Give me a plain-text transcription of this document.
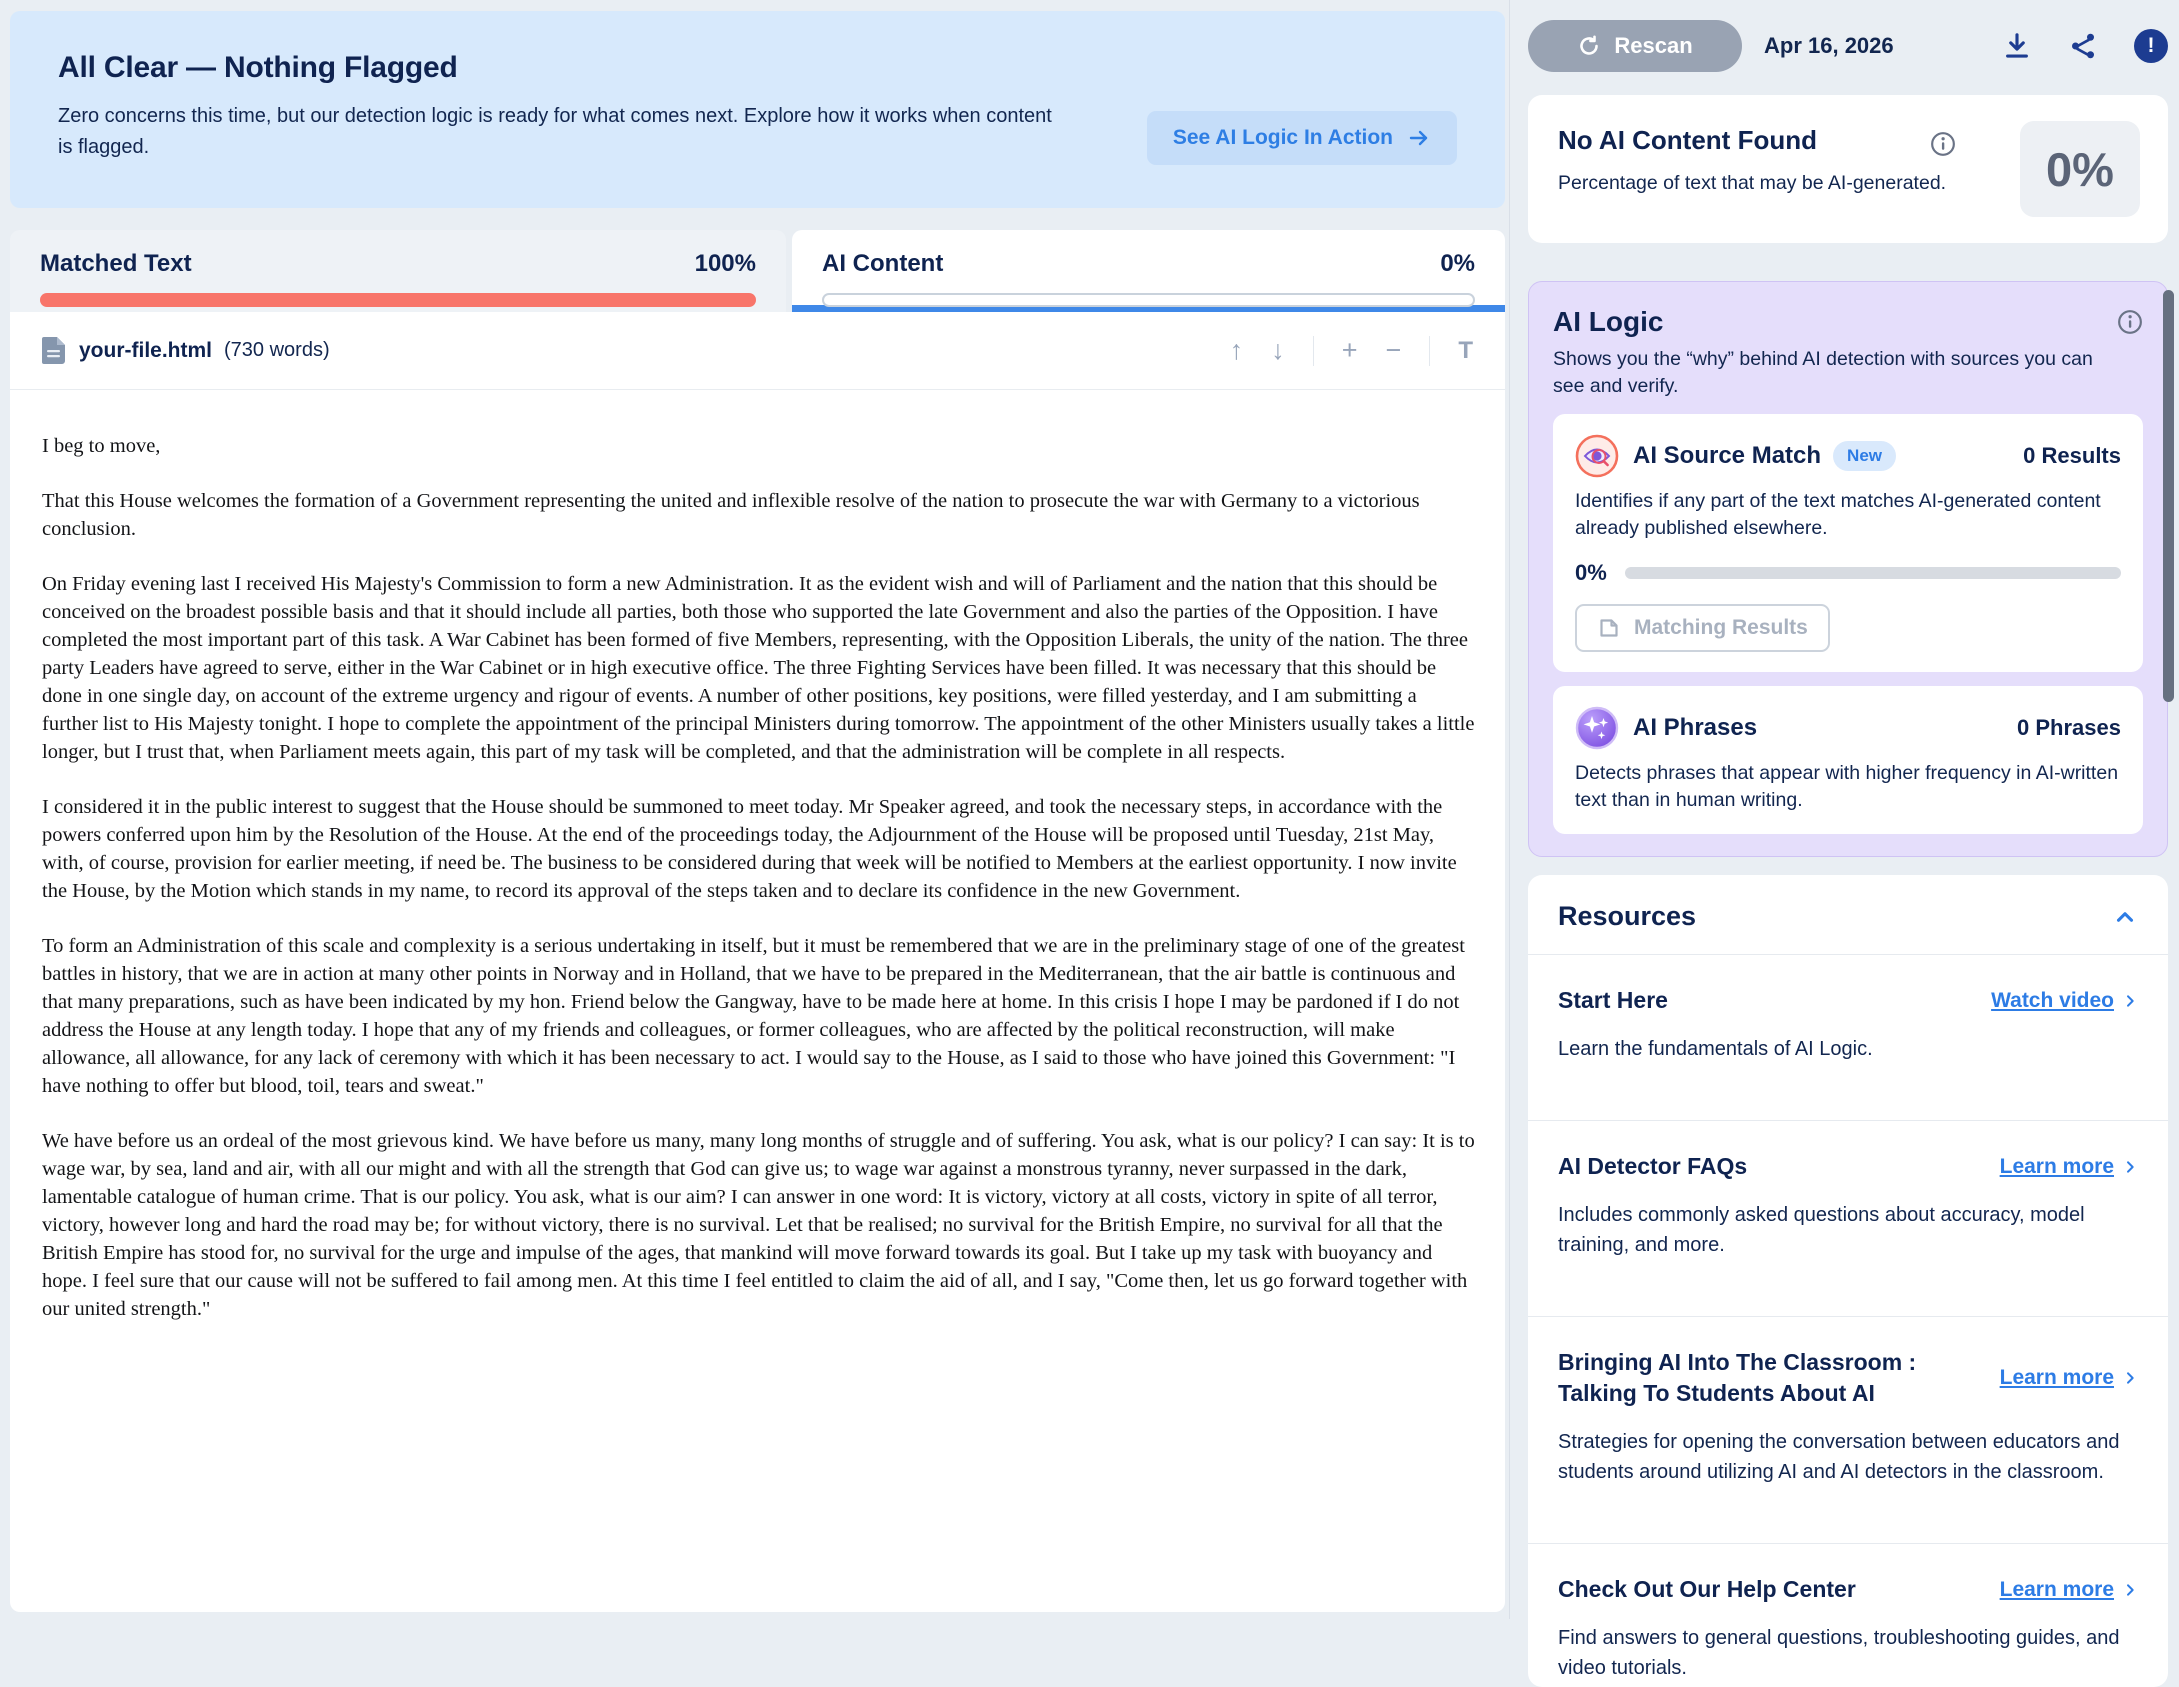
All Clear — Nothing Flagged
Zero concerns this time, but our detection logic is ready for what comes next. Explore how it works when content is flagged.	See AI Logic In Action
Matched Text	100%	AI Content	0%
your-file.html (730 words)	↑ ↓ + − T

I beg to move,

That this House welcomes the formation of a Government representing the united and inflexible resolve of the nation to prosecute the war with Germany to a victorious conclusion.

On Friday evening last I received His Majesty's Commission to form a new Administration. It as the evident wish and will of Parliament and the nation that this should be conceived on the broadest possible basis and that it should include all parties, both those who supported the late Government and also the parties of the Opposition. I have completed the most important part of this task. A War Cabinet has been formed of five Members, representing, with the Opposition Liberals, the unity of the nation. The three party Leaders have agreed to serve, either in the War Cabinet or in high executive office. The three Fighting Services have been filled. It was necessary that this should be done in one single day, on account of the extreme urgency and rigour of events. A number of other positions, key positions, were filled yesterday, and I am submitting a further list to His Majesty tonight. I hope to complete the appointment of the principal Ministers during tomorrow. The appointment of the other Ministers usually takes a little longer, but I trust that, when Parliament meets again, this part of my task will be completed, and that the administration will be complete in all respects.

I considered it in the public interest to suggest that the House should be summoned to meet today. Mr Speaker agreed, and took the necessary steps, in accordance with the powers conferred upon him by the Resolution of the House. At the end of the proceedings today, the Adjournment of the House will be proposed until Tuesday, 21st May, with, of course, provision for earlier meeting, if need be. The business to be considered during that week will be notified to Members at the earliest opportunity. I now invite the House, by the Motion which stands in my name, to record its approval of the steps taken and to declare its confidence in the new Government.

To form an Administration of this scale and complexity is a serious undertaking in itself, but it must be remembered that we are in the preliminary stage of one of the greatest battles in history, that we are in action at many other points in Norway and in Holland, that we have to be prepared in the Mediterranean, that the air battle is continuous and that many preparations, such as have been indicated by my hon. Friend below the Gangway, have to be made here at home. In this crisis I hope I may be pardoned if I do not address the House at any length today. I hope that any of my friends and colleagues, or former colleagues, who are affected by the political reconstruction, will make allowance, all allowance, for any lack of ceremony with which it has been necessary to act. I would say to the House, as I said to those who have joined this Government: "I have nothing to offer but blood, toil, tears and sweat."

We have before us an ordeal of the most grievous kind. We have before us many, many long months of struggle and of suffering. You ask, what is our policy? I can say: It is to wage war, by sea, land and air, with all our might and with all the strength that God can give us; to wage war against a monstrous tyranny, never surpassed in the dark, lamentable catalogue of human crime. That is our policy. You ask, what is our aim? I can answer in one word: It is victory, victory at all costs, victory in spite of all terror, victory, however long and hard the road may be; for without victory, there is no survival. Let that be realised; no survival for the British Empire, no survival for all that the British Empire has stood for, no survival for the urge and impulse of the ages, that mankind will move forward towards its goal. But I take up my task with buoyancy and hope. I feel sure that our cause will not be suffered to fail among men. At this time I feel entitled to claim the aid of all, and I say, "Come then, let us go forward together with our united strength."

Rescan	Apr 16, 2026	!
No AI Content Found
Percentage of text that may be AI-generated.	0%
AI Logic
Shows you the “why” behind AI detection with sources you can see and verify.
AI Source Match	New	0 Results
Identifies if any part of the text matches AI-generated content already published elsewhere.
0%
Matching Results
AI Phrases	0 Phrases
Detects phrases that appear with higher frequency in AI-written text than in human writing.
Resources
Start Here	Watch video
Learn the fundamentals of AI Logic.
AI Detector FAQs	Learn more
Includes commonly asked questions about accuracy, model training, and more.
Bringing AI Into The Classroom : Talking To Students About AI
Learn more
Strategies for opening the conversation between educators and students around utilizing AI and AI detectors in the classroom.
Check Out Our Help Center	Learn more
Find answers to general questions, troubleshooting guides, and video tutorials.
